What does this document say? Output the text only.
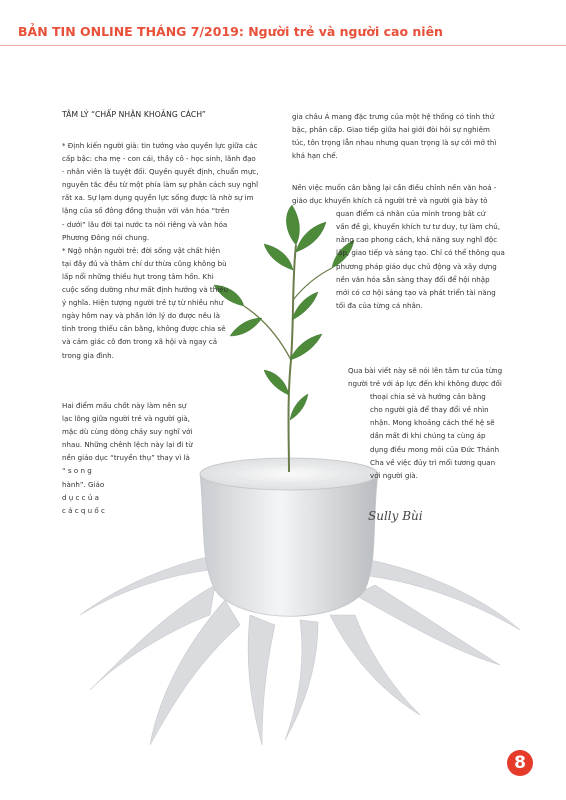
BẢN TIN ONLINE THÁNG 7/2019: Người trẻ và người cao niên
TÂM LÝ “CHẤP NHẬN KHOẢNG CÁCH”

* Định kiến người già: tin tưởng vào quyền lực giữa các

cấp bậc: cha mẹ - con cái, thầy cô - học sinh, lãnh đạo

- nhân viên là tuyệt đối. Quyền quyết định, chuẩn mực,

nguyên tắc đều từ một phía làm sự phân cách suy nghĩ

rất xa. Sự lạm dụng quyền lực sống được là nhờ sự im

lặng của số đông đồng thuận với văn hóa “trên

- dưới” lâu đời tại nước ta nói riêng và văn hóa

Phương Đông nói chung.

* Ngộ nhận người trẻ: đời sống vật chất hiện

tại đầy đủ và thâm chí dư thừa cũng không bù

lấp nổi những thiếu hụt trong tâm hồn. Khi

cuộc sống dường như mất định hướng và thiếu

ý nghĩa. Hiện tượng người trẻ tự từ nhiều như

ngày hôm nay và phần lớn lý do được nêu là

tình trong thiếu cân bằng, không được chia sẻ

và cảm giác cô đơn trong xã hội và ngay cả

trong gia đình.

Hai điểm mấu chốt này làm nên sự

lạc lõng giữa người trẻ và người già,

mặc dù cùng dòng chảy suy nghĩ với

nhau. Những chênh lệch này lại đi từ

nền giáo dục “truyền thụ” thay vì là

“ s o n g

hành”. Giáo

d ụ c c ủ a

c á c q u ố c

gia châu Á mang đặc trưng của một hệ thống có tính thứ

bậc, phân cấp. Giao tiếp giữa hai giới đòi hỏi sự nghiêm

túc, tôn trọng lẫn nhau nhưng quan trọng là sự cởi mở thì

khá hạn chế.

Nền việc muốn cân bằng lại cần điều chỉnh nền văn hoá -

giáo dục khuyến khích cả người trẻ và người già bày tỏ

quan điểm cá nhân của mình trong bất cứ

vấn đề gì, khuyến khích tư tư duy, tự làm chủ,

nâng cao phong cách, khả năng suy nghĩ độc

lập, giao tiếp và sáng tạo. Chỉ có thể thông qua

phương pháp giáo dục chủ động và xây dựng

nền văn hóa sẵn sàng thay đổi để hội nhập

mới có cơ hội sáng tạo và phát triển tài năng

tối đa của từng cá nhân.

Qua bài viết này sẽ nói lên tâm tư của từng

người trẻ với áp lực đến khi không được đối

thoại chia sẻ và hướng cân bằng

cho người già để thay đổi về nhìn

nhận. Mong khoảng cách thế hệ sẽ

dần mất đi khi chúng ta cùng áp

dụng điều mong mỏi của Đức Thánh

Cha về việc đủy trì mối tương quan

với người già.

Sully Bùi
8
